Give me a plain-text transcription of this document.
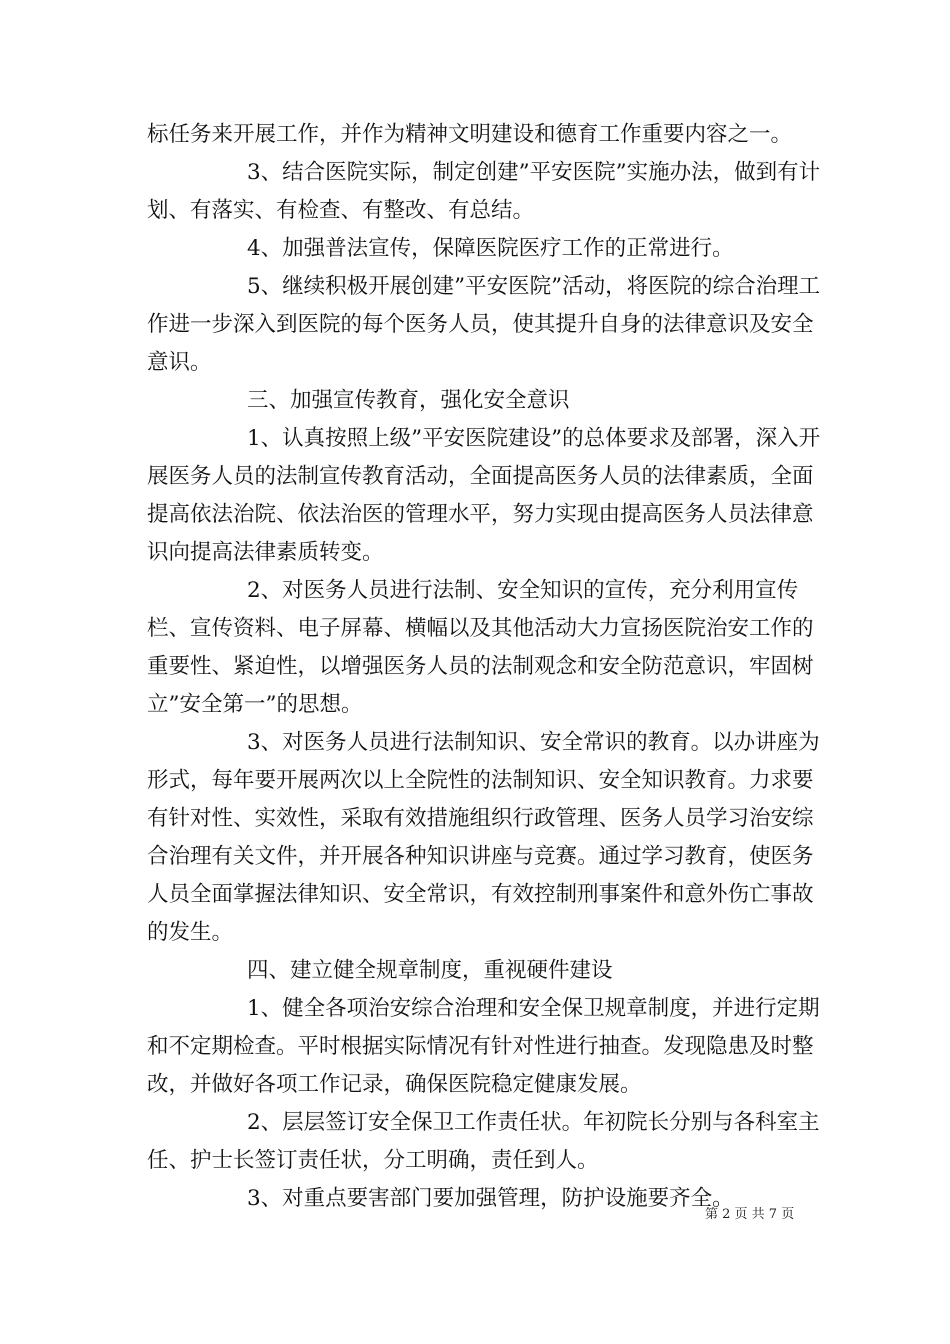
标任务来开展工作，并作为精神文明建设和德育工作重要内容之一。

3、结合医院实际，制定创建”平安医院”实施办法，做到有计划、有落实、有检查、有整改、有总结。

4、加强普法宣传，保障医院医疗工作的正常进行。

5、继续积极开展创建”平安医院”活动，将医院的综合治理工作进一步深入到医院的每个医务人员，使其提升自身的法律意识及安全意识。

三、加强宣传教育，强化安全意识

1、认真按照上级”平安医院建设”的总体要求及部署，深入开展医务人员的法制宣传教育活动，全面提高医务人员的法律素质，全面提高依法治院、依法治医的管理水平，努力实现由提高医务人员法律意识向提高法律素质转变。

2、对医务人员进行法制、安全知识的宣传，充分利用宣传栏、宣传资料、电子屏幕、横幅以及其他活动大力宣扬医院治安工作的重要性、紧迫性，以增强医务人员的法制观念和安全防范意识，牢固树立”安全第一”的思想。

3、对医务人员进行法制知识、安全常识的教育。以办讲座为形式，每年要开展两次以上全院性的法制知识、安全知识教育。力求要有针对性、实效性，采取有效措施组织行政管理、医务人员学习治安综合治理有关文件，并开展各种知识讲座与竞赛。通过学习教育，使医务人员全面掌握法律知识、安全常识，有效控制刑事案件和意外伤亡事故的发生。

四、建立健全规章制度，重视硬件建设

1、健全各项治安综合治理和安全保卫规章制度，并进行定期和不定期检查。平时根据实际情况有针对性进行抽查。发现隐患及时整改，并做好各项工作记录，确保医院稳定健康发展。

2、层层签订安全保卫工作责任状。年初院长分别与各科室主任、护士长签订责任状，分工明确，责任到人。

3、对重点要害部门要加强管理，防护设施要齐全。

第 2 页 共 7 页
